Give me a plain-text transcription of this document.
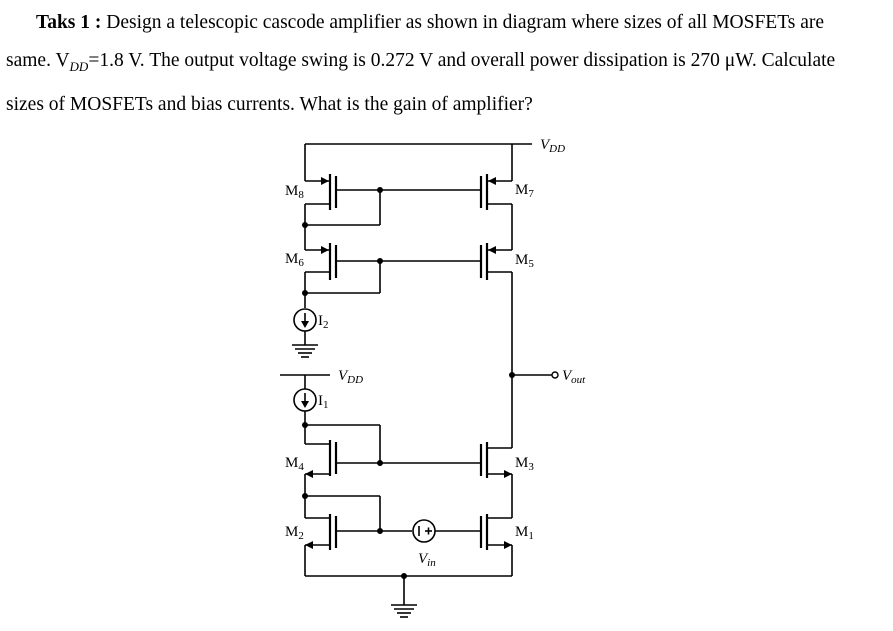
Taks 1 : Design a telescopic cascode amplifier as shown in diagram where sizes of all MOSFETs are

same. $V_{DD}=1.8$ V. The output voltage swing is 0.272 V and overall power dissipation is 270 μW. Calculate

sizes of MOSFETs and bias currents. What is the gain of amplifier?

$V_{DD}$
$M_8$	$M_7$
$M_6$	$M_5$
$I_2$
$V_{DD}$	$V_{out}$
$I_1$
$M_4$	$M_3$
$M_2$
$V_{in}$
$M_1$
